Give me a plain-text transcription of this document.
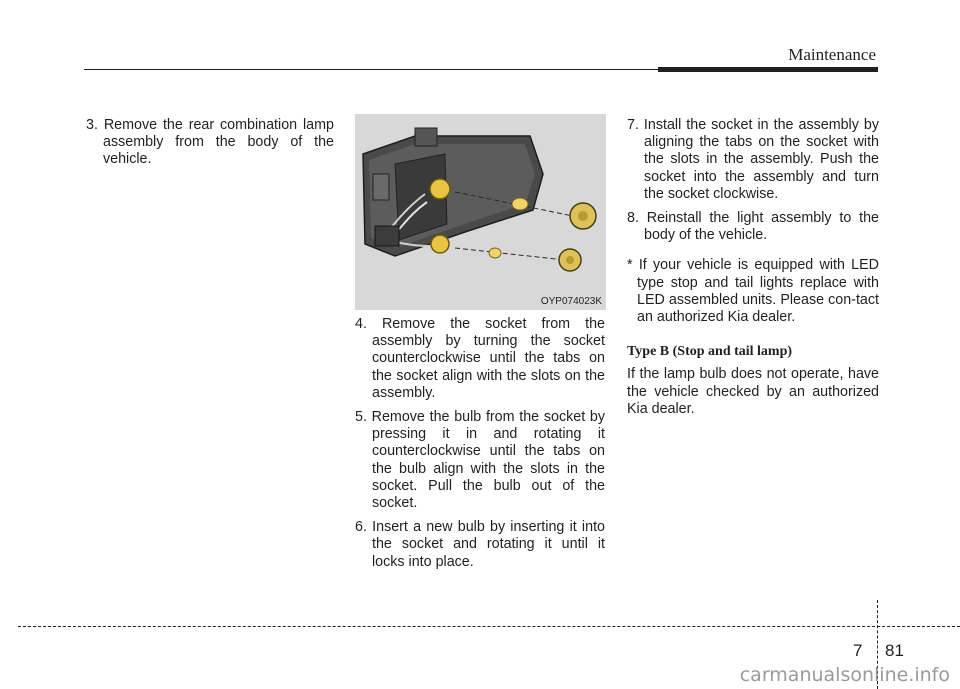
Maintenance

3. Remove the rear combination lamp assembly from the body of the vehicle.

OYP074023K

4. Remove the socket from the assembly by turning the socket counterclockwise until the tabs on the socket align with the slots on the assembly.

5. Remove the bulb from the socket by pressing it in and rotating it counterclockwise until the tabs on the bulb align with the slots in the socket. Pull the bulb out of the socket.

6. Insert a new bulb by inserting it into the socket and rotating it until it locks into place.

7. Install the socket in the assembly by aligning the tabs on the socket with the slots in the assembly. Push the socket into the assembly and turn the socket clockwise.

8. Reinstall the light assembly to the body of the vehicle.

* If your vehicle is equipped with LED type stop and tail lights replace with LED assembled units. Please con-tact an authorized Kia dealer.

Type B (Stop and tail lamp)

If the lamp bulb does not operate, have the vehicle checked by an authorized Kia dealer.

7 81
carmanualsonline.info
